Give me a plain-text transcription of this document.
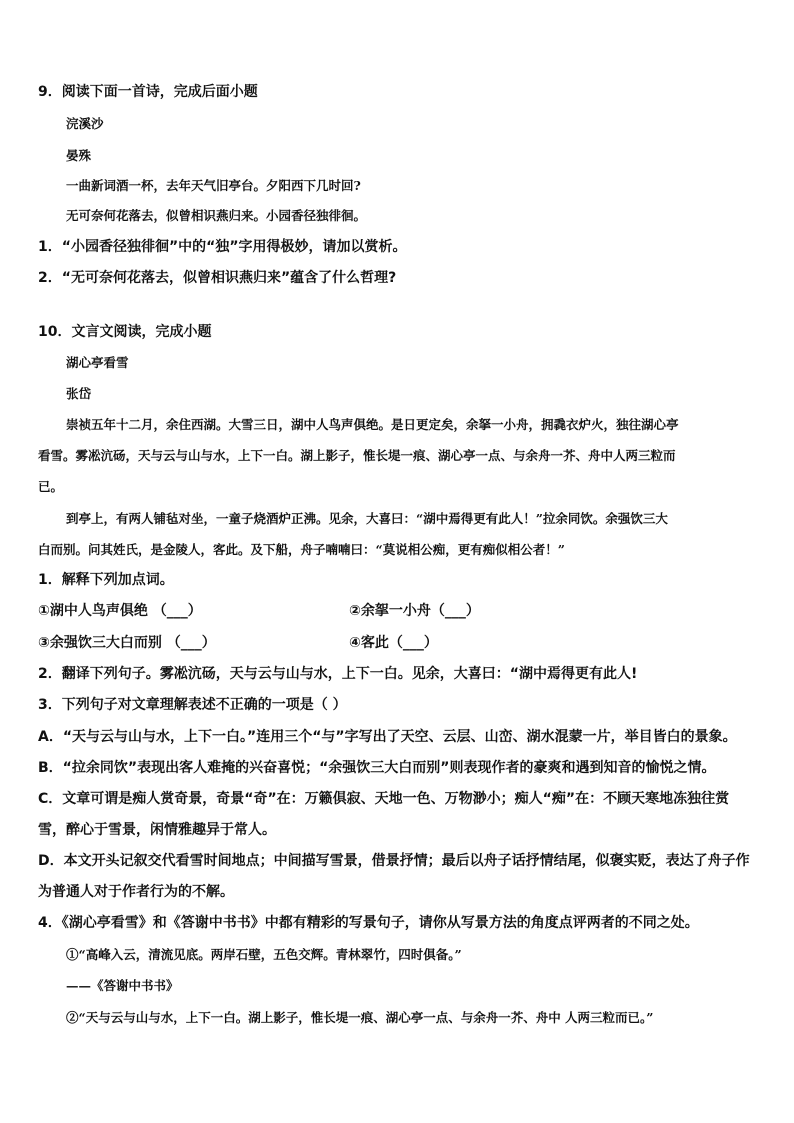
9．阅读下面一首诗，完成后面小题
浣溪沙
晏殊
一曲新词酒一杯，去年天气旧亭台。夕阳西下几时回?
无可奈何花落去，似曾相识燕归来。小园香径独徘徊。
1．“小园香径独徘徊”中的“独”字用得极妙，请加以赏析。
2．“无可奈何花落去，似曾相识燕归来”蕴含了什么哲理?
10．文言文阅读，完成小题
湖心亭看雪
张岱
崇祯五年十二月，余住西湖。大雪三日，湖中人鸟声俱绝。是日更定矣，余拏一小舟，拥毳衣炉火，独往湖心亭
看雪。雾凇沆砀，天与云与山与水，上下一白。湖上影子，惟长堤一痕、湖心亭一点、与余舟一芥、舟中人两三粒而
已。
到亭上，有两人铺毡对坐，一童子烧酒炉正沸。见余，大喜曰：“湖中焉得更有此人！”拉余同饮。余强饮三大
白而别。问其姓氏，是金陵人，客此。及下船，舟子喃喃曰：“莫说相公痴，更有痴似相公者！”
1．解释下列加点词。
①湖中人鸟声俱绝 （___）	②余挐一小舟（___）
③余强饮三大白而别 （___）	④客此（___）
2．翻译下列句子。雾凇沆砀，天与云与山与水，上下一白。见余，大喜曰：“湖中焉得更有此人!
3．下列句子对文章理解表述不正确的一项是（ ）
A．“天与云与山与水，上下一白。”连用三个“与”字写出了天空、云层、山峦、湖水混蒙一片，举目皆白的景象。
B．“拉余同饮”表现出客人难掩的兴奋喜悦；“余强饮三大白而别”则表现作者的豪爽和遇到知音的愉悦之情。
C．文章可谓是痴人赏奇景，奇景“奇”在：万籁俱寂、天地一色、万物渺小；痴人“痴”在：不顾天寒地冻独往赏
雪，醉心于雪景，闲情雅趣异于常人。
D．本文开头记叙交代看雪时间地点；中间描写雪景，借景抒情；最后以舟子话抒情结尾，似褒实贬，表达了舟子作
为普通人对于作者行为的不解。
4．《湖心亭看雪》和《答谢中书书》中都有精彩的写景句子，请你从写景方法的角度点评两者的不同之处。
①“高峰入云，清流见底。两岸石壁，五色交辉。青林翠竹，四时俱备。”
——《答谢中书书》
②“天与云与山与水，上下一白。湖上影子，惟长堤一痕、湖心亭一点、与余舟一芥、舟中 人两三粒而已。”
